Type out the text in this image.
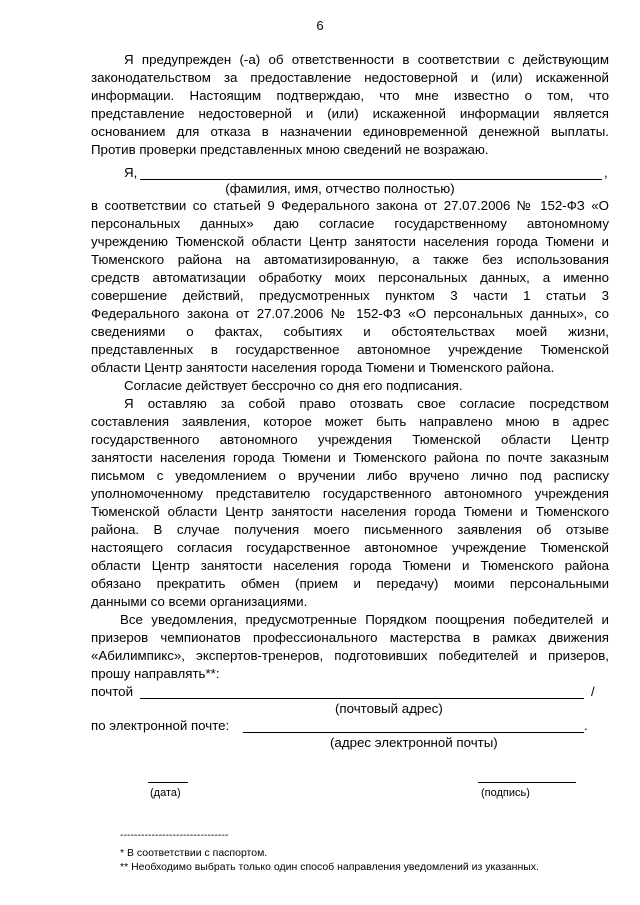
6
Я предупрежден (-а) об ответственности в соответствии с действующим
законодательством за предоставление недостоверной и (или) искаженной
информации. Настоящим подтверждаю, что мне известно о том, что
представление недостоверной и (или) искаженной информации является
основанием для отказа в назначении единовременной денежной выплаты.
Против проверки представленных мною сведений не возражаю.
Я,	,
(фамилия, имя, отчество полностью)
в соответствии со статьей 9 Федерального закона от 27.07.2006 № 152-ФЗ «О
персональных данных» даю согласие государственному автономному
учреждению Тюменской области Центр занятости населения города Тюмени и
Тюменского района на автоматизированную, а также без использования
средств автоматизации обработку моих персональных данных, а именно
совершение действий, предусмотренных пунктом 3 части 1 статьи 3
Федерального закона от 27.07.2006 № 152-ФЗ «О персональных данных», со
сведениями о фактах, событиях и обстоятельствах моей жизни,
представленных в государственное автономное учреждение Тюменской
области Центр занятости населения города Тюмени и Тюменского района.
Согласие действует бессрочно со дня его подписания.
Я оставляю за собой право отозвать свое согласие посредством
составления заявления, которое может быть направлено мною в адрес
государственного автономного учреждения Тюменской области Центр
занятости населения города Тюмени и Тюменского района по почте заказным
письмом с уведомлением о вручении либо вручено лично под расписку
уполномоченному представителю государственного автономного учреждения
Тюменской области Центр занятости населения города Тюмени и Тюменского
района. В случае получения моего письменного заявления об отзыве
настоящего согласия государственное автономное учреждение Тюменской
области Центр занятости населения города Тюмени и Тюменского района
обязано прекратить обмен (прием и передачу) моими персональными
данными со всеми организациями.
Все уведомления, предусмотренные Порядком поощрения победителей и
призеров чемпионатов профессионального мастерства в рамках движения
«Абилимпикс», экспертов-тренеров, подготовивших победителей и призеров,
прошу направлять**:
почтой	/
(почтовый адрес)
по электронной почте:	.
(адрес электронной почты)
(дата)	(подпись)
-------------------------------
* В соответствии с паспортом.
** Необходимо выбрать только один способ направления уведомлений из указанных.
